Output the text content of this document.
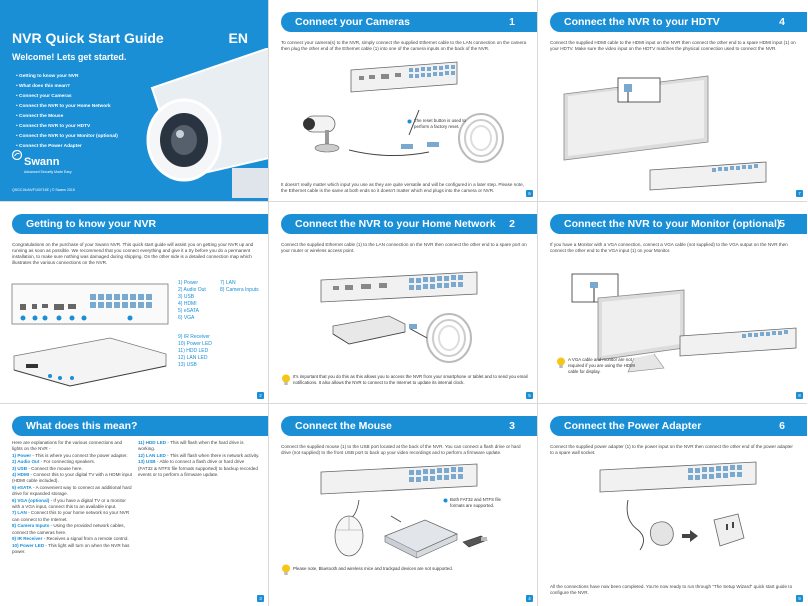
NVR Quick Start Guide	EN
Welcome! Lets get started.
• Getting to know your NVR
• What does this mean?
• Connect your Cameras
• Connect the NVR to your Home Network
• Connect the Mouse
• Connect the NVR to your HDTV
• Connect the NVR to your Monitor (optional)
• Connect the Power Adapter
Swann
Advanced Security Made Easy
QSGC16xNVF100715E | © Swann 2015
Connect your Cameras	1
To connect your camera(s) to the NVR, simply connect the supplied Ethernet cable to the LAN connection on the camera then plug the other end of the Ethernet cable (1) into one of the camera inputs on the back of the NVR.
The reset button is used to perform a factory reset.
It doesn't really matter which input you use as they are quite versatile and will be configured in a later step. Please note, the Ethernet cable is the same at both ends so it doesn't matter which end plugs into the camera or NVR.
6
Connect the NVR to your HDTV	4
Connect the supplied HDMI cable to the HDMI input on the NVR then connect the other end to a spare HDMI input (1) on your HDTV. Make sure the video input on the HDTV matches the physical connection used to connect the NVR.
7
Getting to know your NVR
Congratulations on the purchase of your Swann NVR. This quick start guide will assist you on getting your NVR up and running as soon as possible. We recommend that you connect everything and give it a try before you do a permanent installation, to make sure nothing was damaged during shipping. On the other side is a detailed connection map which illustrates the various connections on the NVR.
1) Power
2) Audio Out
3) USB
4) HDMI
5) eSATA
6) VGA
7) LAN
8) Camera Inputs
9) IR Receiver
10) Power LED
11) HDD LED
12) LAN LED
13) USB
2
Connect the NVR to your Home Network 2
Connect the supplied Ethernet cable (1) to the LAN connection on the NVR then connect the other end to a spare port on your router or wireless access point.
It's important that you do this as this allows you to access the NVR from your smartphone or tablet and to send you email notifications. It also allows the NVR to connect to the Internet to update its internal clock.
5
Connect the NVR to your Monitor (optional)
5
If you have a Monitor with a VGA connection, connect a VGA cable (not supplied) to the VGA output on the NVR then connect the other end to the VGA input (1) on your Monitor.
A VGA cable and monitor are not required if you are using the HDMI cable for display.
8
What does this mean?
Here are explanations for the various connections and lights on the NVR -
1) Power - This is where you connect the power adapter.
2) Audio Out - For connecting speakers.
3) USB - Connect the mouse here.
4) HDMI - Connect this to your digital TV with a HDMI input (HDMI cable included).
5) eSATA - A convenient way to connect an additional hard drive for expanded storage.
6) VGA (optional) - If you have a digital TV or a monitor with a VGA input, connect this to an available input.
7) LAN - Connect this to your home network so your NVR can connect to the Internet.
8) Camera Inputs - Using the provided network cables, connect the cameras here.
9) IR Receiver - Receives a signal from a remote control.
10) Power LED - This light will turn on when the NVR has power.
11) HDD LED - This will flash when the hard drive is working.
12) LAN LED - This will flash when there is network activity.
13) USB - Able to connect a flash drive or hard drive (FAT32 & NTFS file formats supported) to backup recorded events or to perform a firmware update.
3
Connect the Mouse	3
Connect the supplied mouse (1) to the USB port located at the back of the NVR. You can connect a flash drive or hard drive (not supplied) to the front USB port to back up your video recordings and to perform a firmware update.
Both FAT32 and NTFS file formats are supported.
Please note, Bluetooth and wireless mice and trackpad devices are not supported.
4
Connect the Power Adapter	6
Connect the supplied power adapter (1) to the power input on the NVR then connect the other end of the power adapter to a spare wall socket.
All the connections have now been completed. You're now ready to run through "The Setup Wizard" quick start guide to configure the NVR.
9
